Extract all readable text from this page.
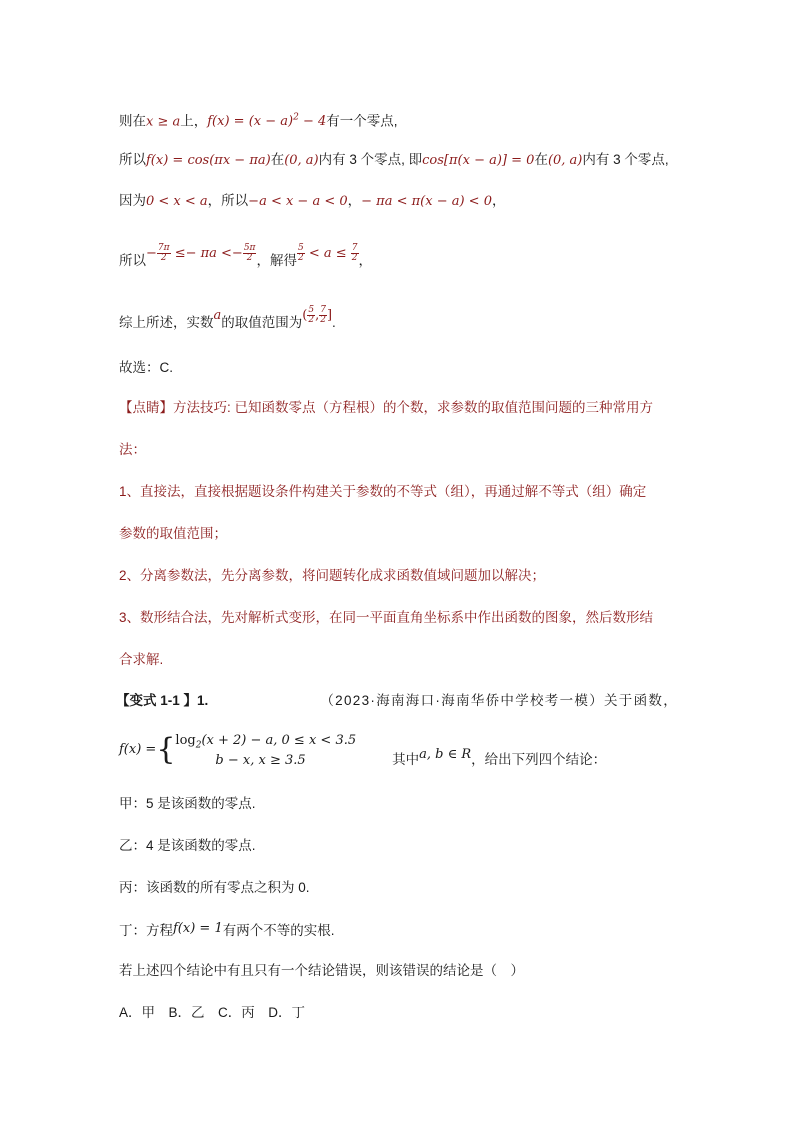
则在x ≥ a上，$f(x) = (x - a)^2 - 4$有一个零点,
所以f(x) = cos(πx − πa)在(0, a)内有 3 个零点, 即cos[π(x − a)] = 0在(0, a)内有 3 个零点,
因为0 < x < a，所以−a < x − a < 0，− πa < π(x − a) < 0，
所以− $\frac{7\pi}{2} \le- \pi a <- \frac{5\pi}{2}$ ，解得 $\frac{5}{2} < a \le \frac{7}{2}$ ，
综上所述，实数a的取值范围为( $\frac{5}{2}$ , $\frac{7}{2}$ ].
故选：C.
【点睛】方法技巧: 已知函数零点（方程根）的个数，求参数的取值范围问题的三种常用方
法：
1、直接法，直接根据题设条件构建关于参数的不等式（组），再通过解不等式（组）确定
参数的取值范围；
2、分离参数法，先分离参数，将问题转化成求函数值域问题加以解决；
3、数形结合法，先对解析式变形，在同一平面直角坐标系中作出函数的图象，然后数形结
合求解.
【变式 1-1 】1.	（2023·海南海口·海南华侨中学校考一模）关于函数，
f(x) ={ $\log_2(x + 2) - a$, 0 ≤ x < 3.5
b − x, x ≥ 3.5	其中a, b ∈ R，给出下列四个结论：
甲：5 是该函数的零点.
乙：4 是该函数的零点.
丙：该函数的所有零点之积为 0.
丁：方程f(x) = 1有两个不等的实根.
若上述四个结论中有且只有一个结论错误，则该错误的结论是（　）
A．甲　B．乙　C．丙　D．丁
